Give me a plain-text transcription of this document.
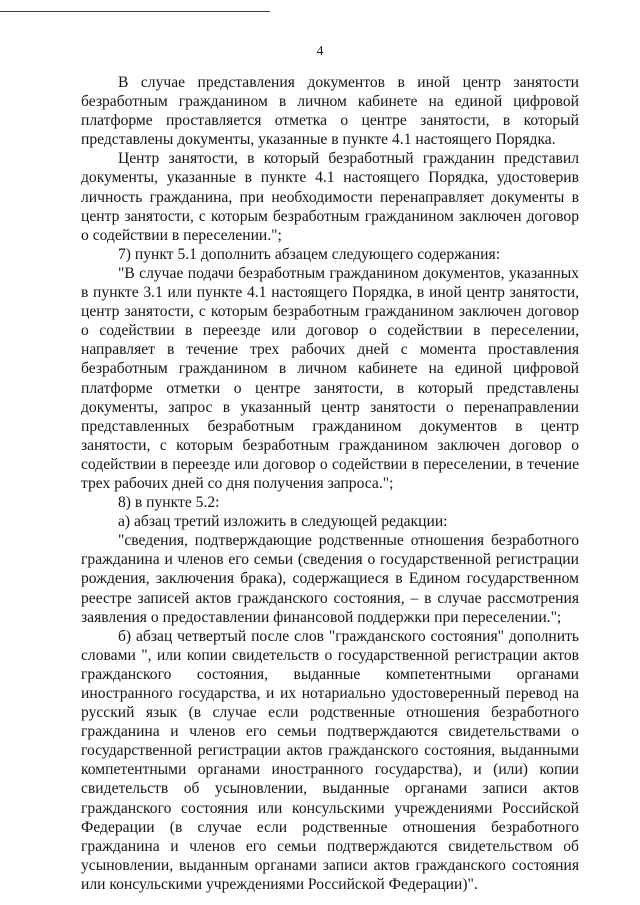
4

В случае представления документов в иной центр занятости безработным гражданином в личном кабинете на единой цифровой платформе проставляется отметка о центре занятости, в который представлены документы, указанные в пункте 4.1 настоящего Порядка.

Центр занятости, в который безработный гражданин представил документы, указанные в пункте 4.1 настоящего Порядка, удостоверив личность гражданина, при необходимости перенаправляет документы в центр занятости, с которым безработным гражданином заключен договор о содействии в переселении.";

7) пункт 5.1 дополнить абзацем следующего содержания:

"В случае подачи безработным гражданином документов, указанных в пункте 3.1 или пункте 4.1 настоящего Порядка, в иной центр занятости, центр занятости, с которым безработным гражданином заключен договор о содействии в переезде или договор о содействии в переселении, направляет в течение трех рабочих дней с момента проставления безработным гражданином в личном кабинете на единой цифровой платформе отметки о центре занятости, в который представлены документы, запрос в указанный центр занятости о перенаправлении представленных безработным гражданином документов в центр занятости, с которым безработным гражданином заключен договор о содействии в переезде или договор о содействии в переселении, в течение трех рабочих дней со дня получения запроса.";

8) в пункте 5.2:

а) абзац третий изложить в следующей редакции:

"сведения, подтверждающие родственные отношения безработного гражданина и членов его семьи (сведения о государственной регистрации рождения, заключения брака), содержащиеся в Едином государственном реестре записей актов гражданского состояния, – в случае рассмотрения заявления о предоставлении финансовой поддержки при переселении.";

б) абзац четвертый после слов "гражданского состояния" дополнить словами ", или копии свидетельств о государственной регистрации актов гражданского состояния, выданные компетентными органами иностранного государства, и их нотариально удостоверенный перевод на русский язык (в случае если родственные отношения безработного гражданина и членов его семьи подтверждаются свидетельствами о государственной регистрации актов гражданского состояния, выданными компетентными органами иностранного государства), и (или) копии свидетельств об усыновлении, выданные органами записи актов гражданского состояния или консульскими учреждениями Российской Федерации (в случае если родственные отношения безработного гражданина и членов его семьи подтверждаются свидетельством об усыновлении, выданным органами записи актов гражданского состояния или консульскими учреждениями Российской Федерации)".
